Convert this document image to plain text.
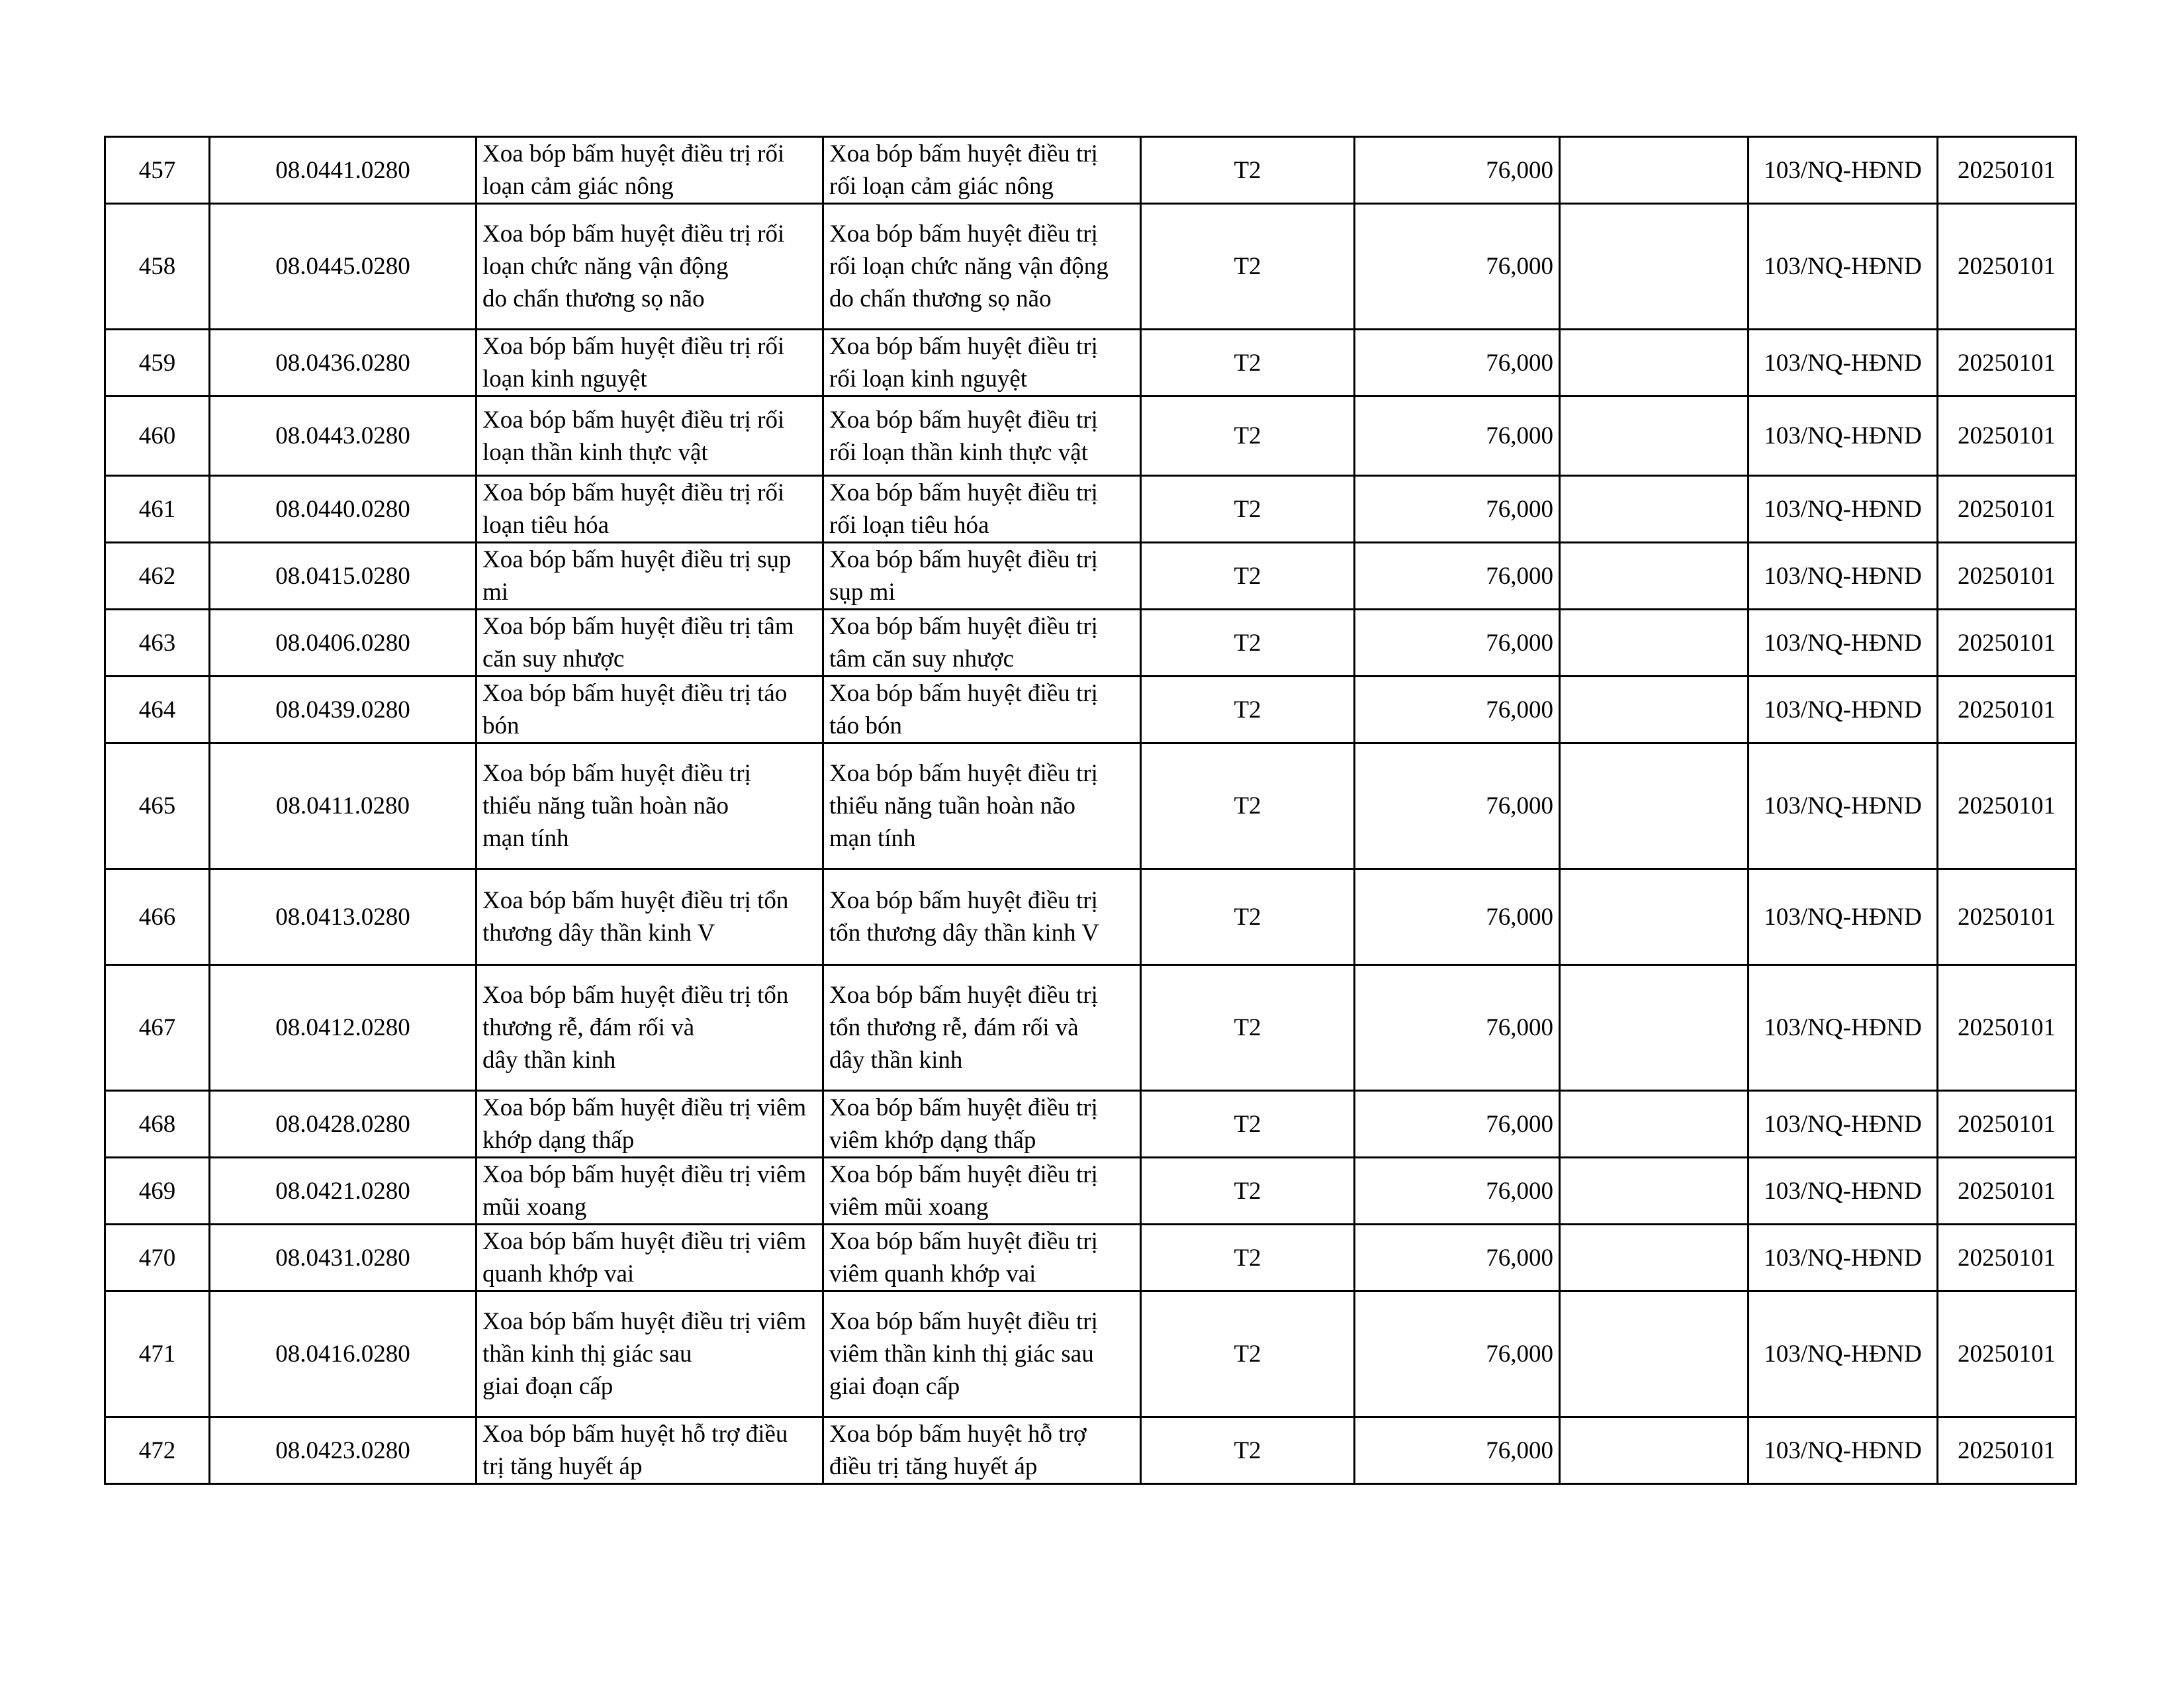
457	08.0441.0280	Xoa bóp bấm huyệt điều trị rối
loạn cảm giác nông	Xoa bóp bấm huyệt điều trị
rối loạn cảm giác nông	T2	76,000		103/NQ-HĐND	20250101
458	08.0445.0280	Xoa bóp bấm huyệt điều trị rối
loạn chức năng vận động
do chấn thương sọ não	Xoa bóp bấm huyệt điều trị
rối loạn chức năng vận động
do chấn thương sọ não	T2	76,000		103/NQ-HĐND	20250101
459	08.0436.0280	Xoa bóp bấm huyệt điều trị rối
loạn kinh nguyệt	Xoa bóp bấm huyệt điều trị
rối loạn kinh nguyệt	T2	76,000		103/NQ-HĐND	20250101
460	08.0443.0280	Xoa bóp bấm huyệt điều trị rối
loạn thần kinh thực vật	Xoa bóp bấm huyệt điều trị
rối loạn thần kinh thực vật	T2	76,000		103/NQ-HĐND	20250101
461	08.0440.0280	Xoa bóp bấm huyệt điều trị rối
loạn tiêu hóa	Xoa bóp bấm huyệt điều trị
rối loạn tiêu hóa	T2	76,000		103/NQ-HĐND	20250101
462	08.0415.0280	Xoa bóp bấm huyệt điều trị sụp
mi	Xoa bóp bấm huyệt điều trị
sụp mi	T2	76,000		103/NQ-HĐND	20250101
463	08.0406.0280	Xoa bóp bấm huyệt điều trị tâm
căn suy nhược	Xoa bóp bấm huyệt điều trị
tâm căn suy nhược	T2	76,000		103/NQ-HĐND	20250101
464	08.0439.0280	Xoa bóp bấm huyệt điều trị táo
bón	Xoa bóp bấm huyệt điều trị
táo bón	T2	76,000		103/NQ-HĐND	20250101
465	08.0411.0280	Xoa bóp bấm huyệt điều trị
thiểu năng tuần hoàn não
mạn tính	Xoa bóp bấm huyệt điều trị
thiểu năng tuần hoàn não
mạn tính	T2	76,000		103/NQ-HĐND	20250101
466	08.0413.0280	Xoa bóp bấm huyệt điều trị tổn
thương dây thần kinh V	Xoa bóp bấm huyệt điều trị
tổn thương dây thần kinh V	T2	76,000		103/NQ-HĐND	20250101
467	08.0412.0280	Xoa bóp bấm huyệt điều trị tổn
thương rễ, đám rối và
dây thần kinh	Xoa bóp bấm huyệt điều trị
tổn thương rễ, đám rối và
dây thần kinh	T2	76,000		103/NQ-HĐND	20250101
468	08.0428.0280	Xoa bóp bấm huyệt điều trị viêm
khớp dạng thấp	Xoa bóp bấm huyệt điều trị
viêm khớp dạng thấp	T2	76,000		103/NQ-HĐND	20250101
469	08.0421.0280	Xoa bóp bấm huyệt điều trị viêm
mũi xoang	Xoa bóp bấm huyệt điều trị
viêm mũi xoang	T2	76,000		103/NQ-HĐND	20250101
470	08.0431.0280	Xoa bóp bấm huyệt điều trị viêm
quanh khớp vai	Xoa bóp bấm huyệt điều trị
viêm quanh khớp vai	T2	76,000		103/NQ-HĐND	20250101
471	08.0416.0280	Xoa bóp bấm huyệt điều trị viêm
thần kinh thị giác sau
giai đoạn cấp	Xoa bóp bấm huyệt điều trị
viêm thần kinh thị giác sau
giai đoạn cấp	T2	76,000		103/NQ-HĐND	20250101
472	08.0423.0280	Xoa bóp bấm huyệt hỗ trợ điều
trị tăng huyết áp	Xoa bóp bấm huyệt hỗ trợ
điều trị tăng huyết áp	T2	76,000		103/NQ-HĐND	20250101
